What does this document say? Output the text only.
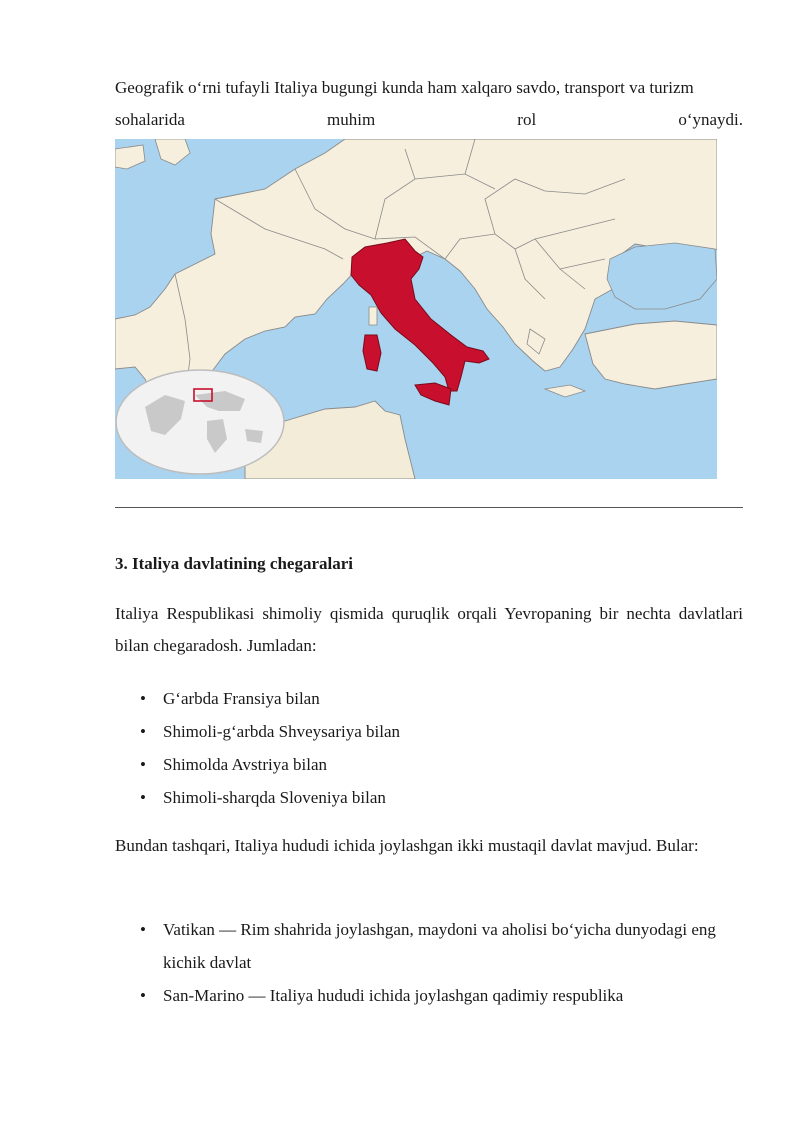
Geografik o‘rni tufayli Italiya bugungi kunda ham xalqaro savdo, transport va turizm

sohalarida muhim rol o‘ynaydi.

3. Italiya davlatining chegaralari

Italiya Respublikasi shimoliy qismida quruqlik orqali Yevropaning bir nechta davlatlari bilan chegaradosh. Jumladan:

• G‘arbda Fransiya bilan
• Shimoli-g‘arbda Shveysariya bilan
• Shimolda Avstriya bilan
• Shimoli-sharqda Sloveniya bilan

Bundan tashqari, Italiya hududi ichida joylashgan ikki mustaqil davlat mavjud. Bular:

• Vatikan — Rim shahrida joylashgan, maydoni va aholisi bo‘yicha dunyodagi eng kichik davlat
• San-Marino — Italiya hududi ichida joylashgan qadimiy respublika
